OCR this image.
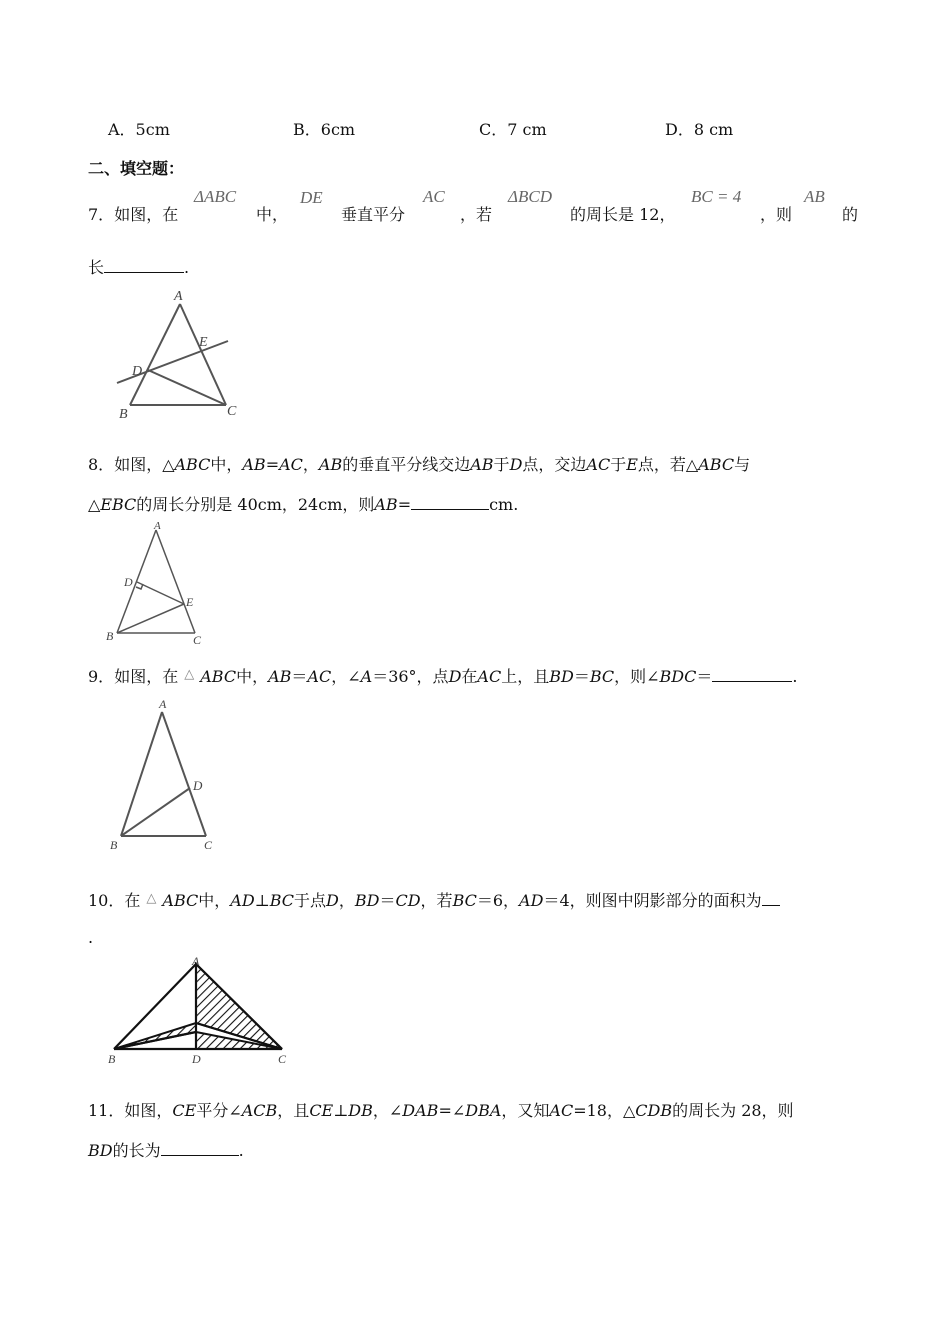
A．5cm	B．6cm	C．7 cm	D．8 cm
二、填空题：
7．如图，在
ΔABC
中，
DE
垂直平分
AC
，若
ΔBCD
的周长是 12，
BC = 4
，则
AB
的
长	.
A
D
E
B	C
8．如图，△ABC中，AB=AC，AB的垂直平分线交边AB于D点，交边AC于E点，若△ABC与
△EBC的周长分别是 40cm，24cm，则AB=	cm.
A
D
E
B	C
9．如图，在 △ ABC中，AB＝AC，∠A＝36°，点D在AC上，且BD＝BC，则∠BDC＝	.
A
D
B	C
10．在 △ ABC中，AD⊥BC于点D，BD＝CD，若BC＝6，AD＝4，则图中阴影部分的面积为
.
A
B	D	C
11．如图，CE平分∠ACB，且CE⊥DB，∠DAB=∠DBA，又知AC=18，△CDB的周长为 28，则
BD的长为	.
